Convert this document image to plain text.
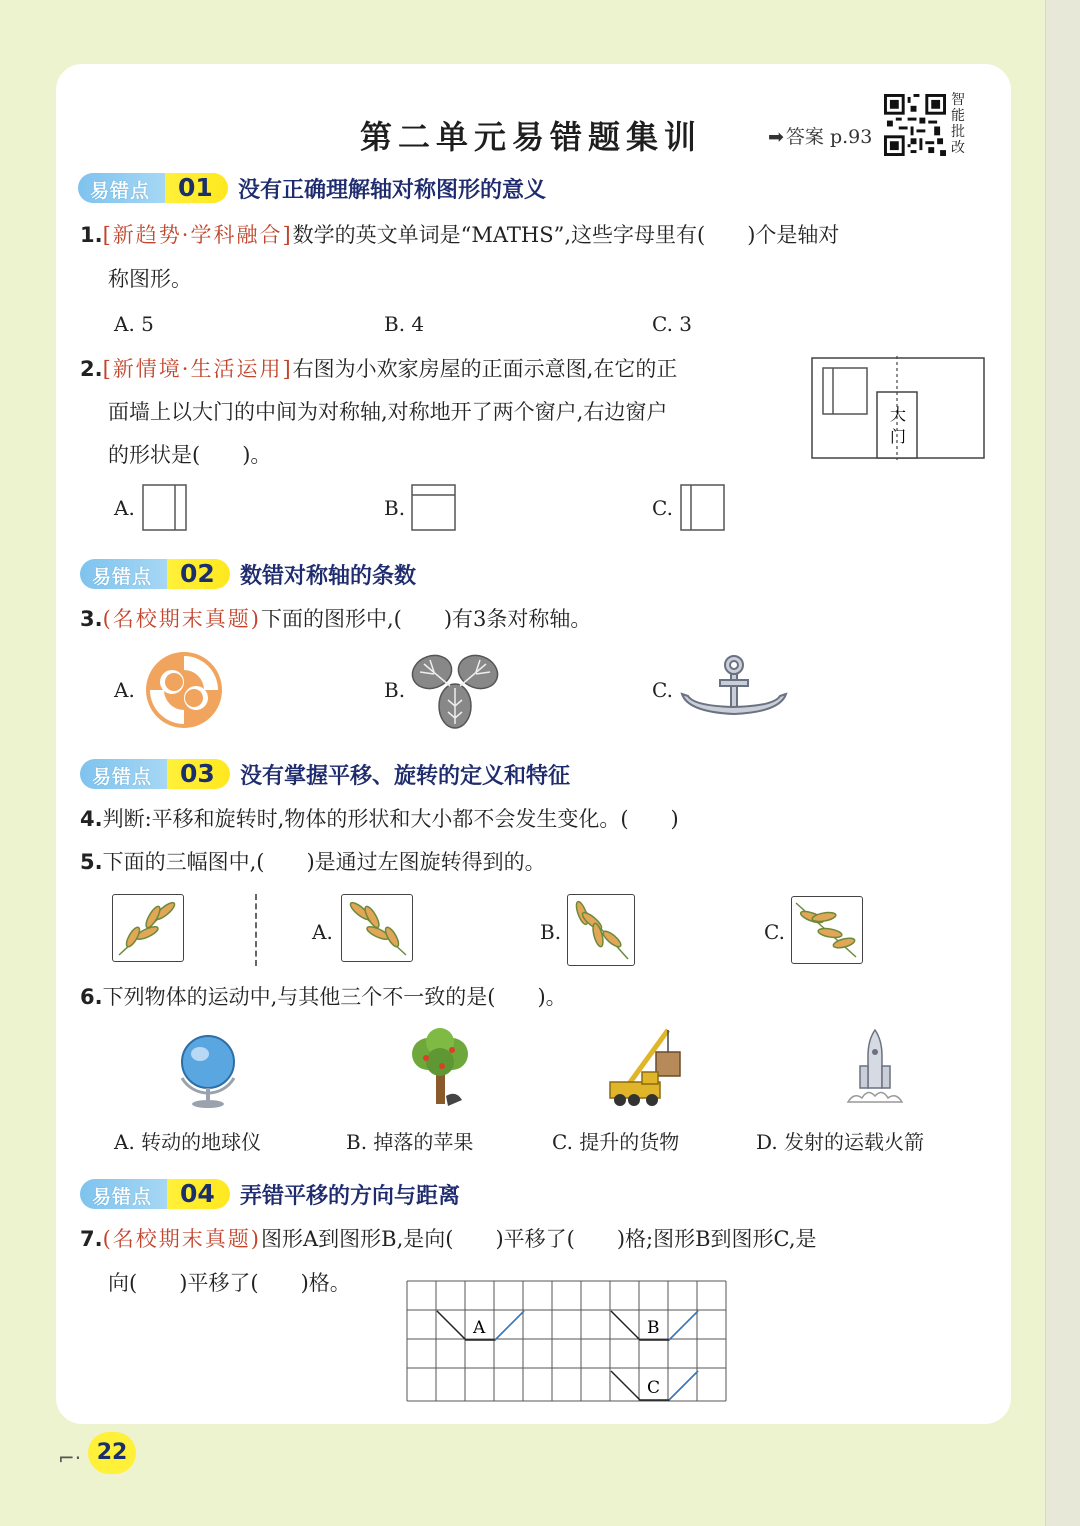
第二单元易错题集训	➡ 答案 p.93
智
能
批
改
易错点 01 没有正确理解轴对称图形的意义
1.[新趋势·学科融合]数学的英文单词是“MATHS”,这些字母里有(　　)个是轴对
称图形。
A. 5	B. 4	C. 3
2.[新情境·生活运用]右图为小欢家房屋的正面示意图,在它的正
面墙上以大门的中间为对称轴,对称地开了两个窗户,右边窗户
的形状是(　　)。
大
门
A.	B.	C.
易错点 02 数错对称轴的条数
3.(名校期末真题)下面的图形中,(　　)有3条对称轴。
A.	B.	C.
易错点 03 没有掌握平移、旋转的定义和特征
4.判断:平移和旋转时,物体的形状和大小都不会发生变化。(　　)
5.下面的三幅图中,(　　)是通过左图旋转得到的。
A.	B.	C.
6.下列物体的运动中,与其他三个不一致的是(　　)。
A. 转动的地球仪	B. 掉落的苹果	C. 提升的货物	D. 发射的运载火箭
易错点 04 弄错平移的方向与距离
7.(名校期末真题)图形A到图形B,是向(　　)平移了(　　)格;图形B到图形C,是
向(　　)平移了(　　)格。
A	B
C
⌐· 22
